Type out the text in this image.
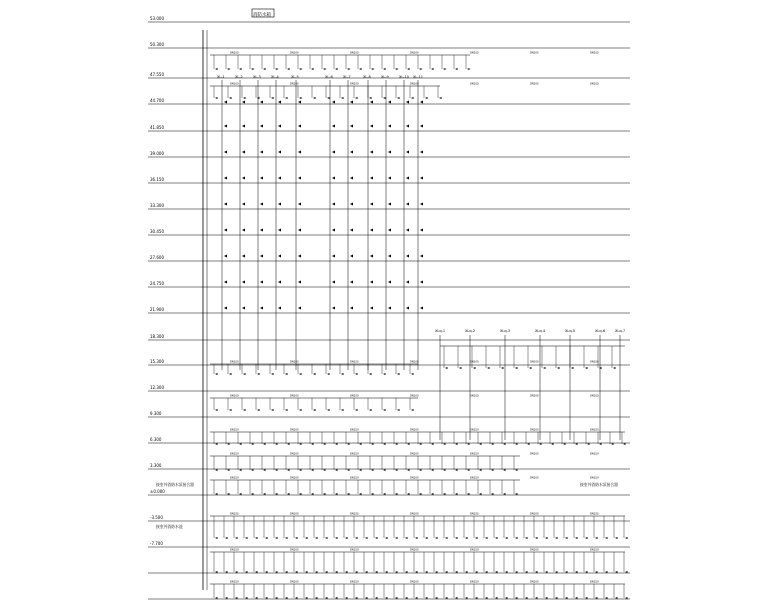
53.000
50.300
47.550
44.700
41.850
39.000
36.150
33.300
30.450
27.600
24.750
21.900
18.300
15.300
12.300
9.300
6.300
3.300
±0.000
-3.500
-7.700
XL-1	XL-2	XL-3	XL-4	XL-5	XL-6	XL-7	XL-8	XL-9	XL-10 XL-11
XLq-1	XLq-2	XLq-3	XLq-4	XLq-5	XLq-6	XLq-7
DN100	DN100	DN100	DN100	DN100	DN100	DN100
DN100	DN100	DN100	DN100	DN100	DN100	DN100
DN100	DN100	DN100	DN100	DN100	DN100	DN100
DN100	DN100	DN100	DN100	DN100	DN100	DN100
DN100	DN100	DN100	DN100	DN100	DN100	DN100
DN100	DN100	DN100	DN100	DN100	DN100	DN100
DN100	DN100	DN100	DN100	DN100	DN100	DN100
DN100	DN100	DN100	DN100	DN100	DN100	DN100
DN100	DN100	DN100	DN100	DN100	DN100	DN100
DN100	DN100	DN100	DN100	DN100	DN100	DN100
消防水箱
接室外消防水泵接合器
接室外消防水池
接室外消防水泵接合器
